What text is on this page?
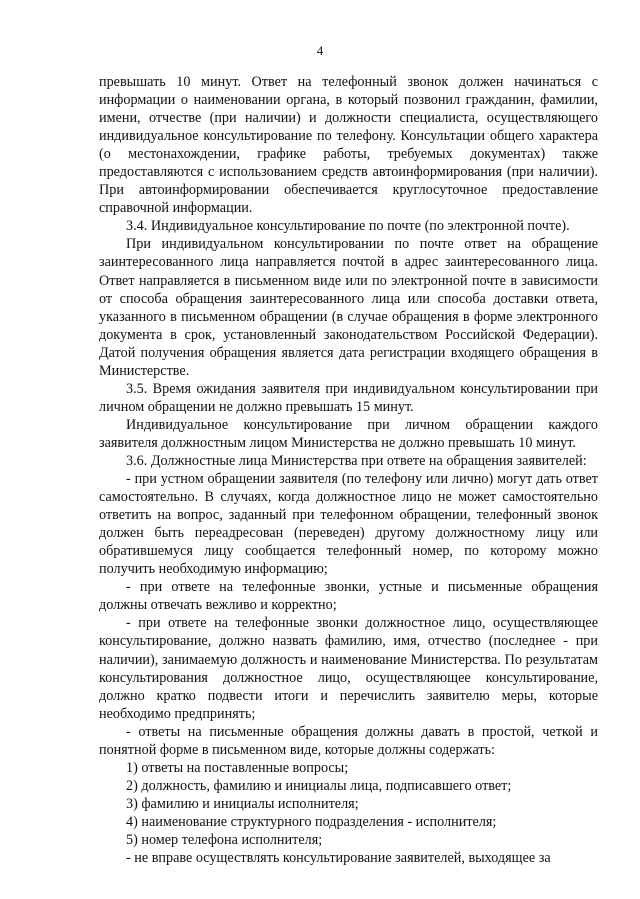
4

превышать 10 минут. Ответ на телефонный звонок должен начинаться с информации о наименовании органа, в который позвонил гражданин, фамилии, имени, отчестве (при наличии) и должности специалиста, осуществляющего индивидуальное консультирование по телефону. Консультации общего характера (о местонахождении, графике работы, требуемых документах) также предоставляются с использованием средств автоинформирования (при наличии). При автоинформировании обеспечивается круглосуточное предоставление справочной информации.

3.4. Индивидуальное консультирование по почте (по электронной почте).

При индивидуальном консультировании по почте ответ на обращение заинтересованного лица направляется почтой в адрес заинтересованного лица. Ответ направляется в письменном виде или по электронной почте в зависимости от способа обращения заинтересованного лица или способа доставки ответа, указанного в письменном обращении (в случае обращения в форме электронного документа в срок, установленный законодательством Российской Федерации). Датой получения обращения является дата регистрации входящего обращения в Министерстве.

3.5. Время ожидания заявителя при индивидуальном консультировании при личном обращении не должно превышать 15 минут.

Индивидуальное консультирование при личном обращении каждого заявителя должностным лицом Министерства не должно превышать 10 минут.

3.6. Должностные лица Министерства при ответе на обращения заявителей:

- при устном обращении заявителя (по телефону или лично) могут дать ответ самостоятельно. В случаях, когда должностное лицо не может самостоятельно ответить на вопрос, заданный при телефонном обращении, телефонный звонок должен быть переадресован (переведен) другому должностному лицу или обратившемуся лицу сообщается телефонный номер, по которому можно получить необходимую информацию;

- при ответе на телефонные звонки, устные и письменные обращения должны отвечать вежливо и корректно;

- при ответе на телефонные звонки должностное лицо, осуществляющее консультирование, должно назвать фамилию, имя, отчество (последнее - при наличии), занимаемую должность и наименование Министерства. По результатам консультирования должностное лицо, осуществляющее консультирование, должно кратко подвести итоги и перечислить заявителю меры, которые необходимо предпринять;

- ответы на письменные обращения должны давать в простой, четкой и понятной форме в письменном виде, которые должны содержать:

1) ответы на поставленные вопросы;

2) должность, фамилию и инициалы лица, подписавшего ответ;

3) фамилию и инициалы исполнителя;

4) наименование структурного подразделения - исполнителя;

5) номер телефона исполнителя;

- не вправе осуществлять консультирование заявителей, выходящее за
